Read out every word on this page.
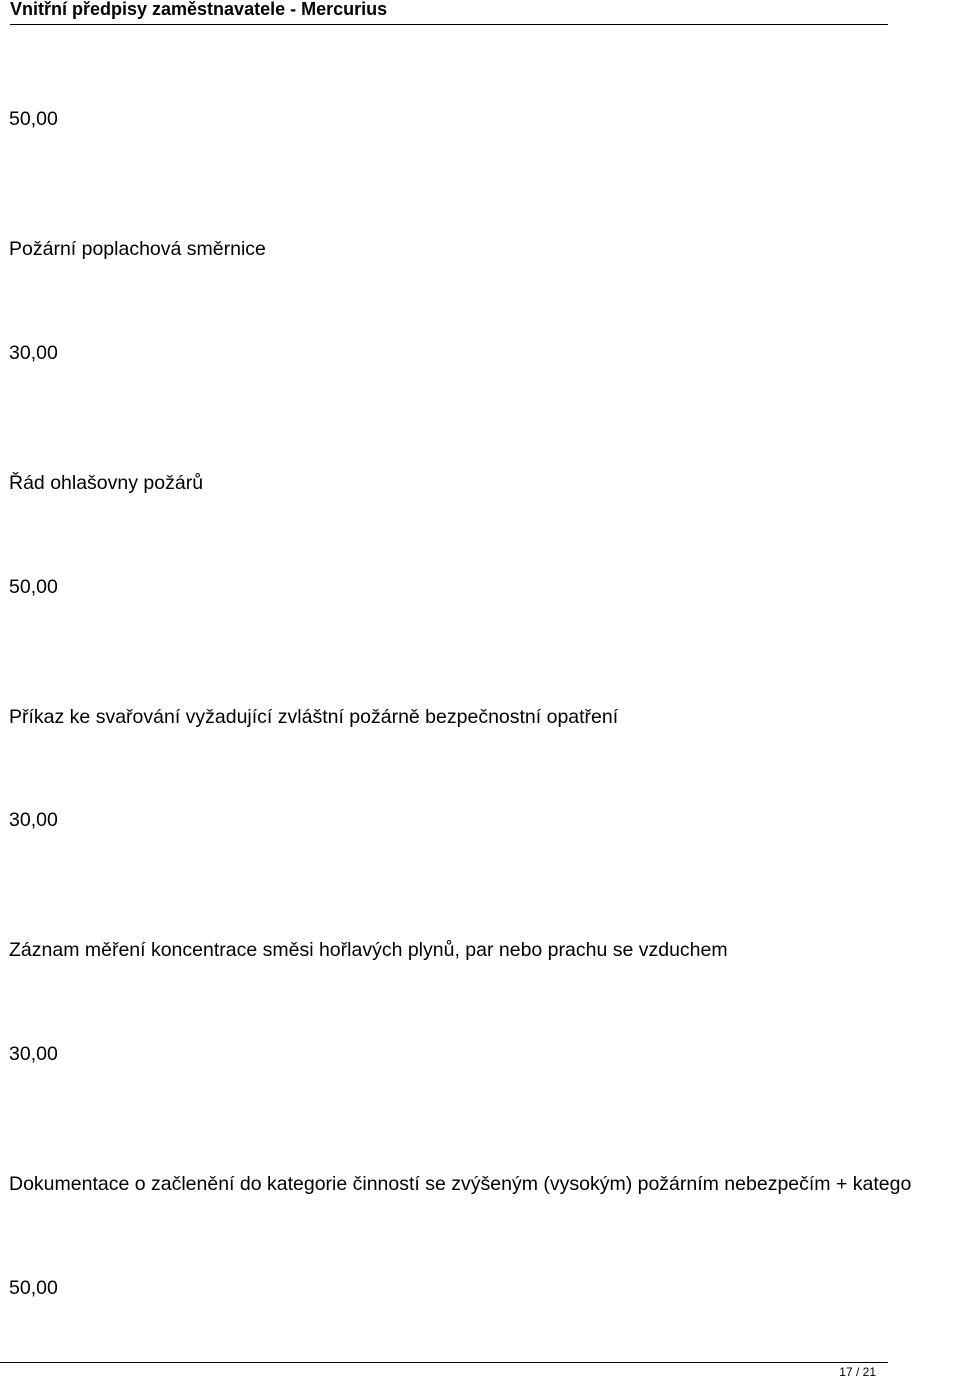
Vnitřní předpisy zaměstnavatele - Mercurius
50,00
Požární poplachová směrnice
30,00
Řád ohlašovny požárů
50,00
Příkaz ke svařování vyžadující zvláštní požárně bezpečnostní opatření
30,00
Záznam měření koncentrace směsi hořlavých plynů, par nebo prachu se vzduchem
30,00
Dokumentace o začlenění do kategorie činností se zvýšeným (vysokým) požárním nebezpečím + katego
50,00
17 / 21
